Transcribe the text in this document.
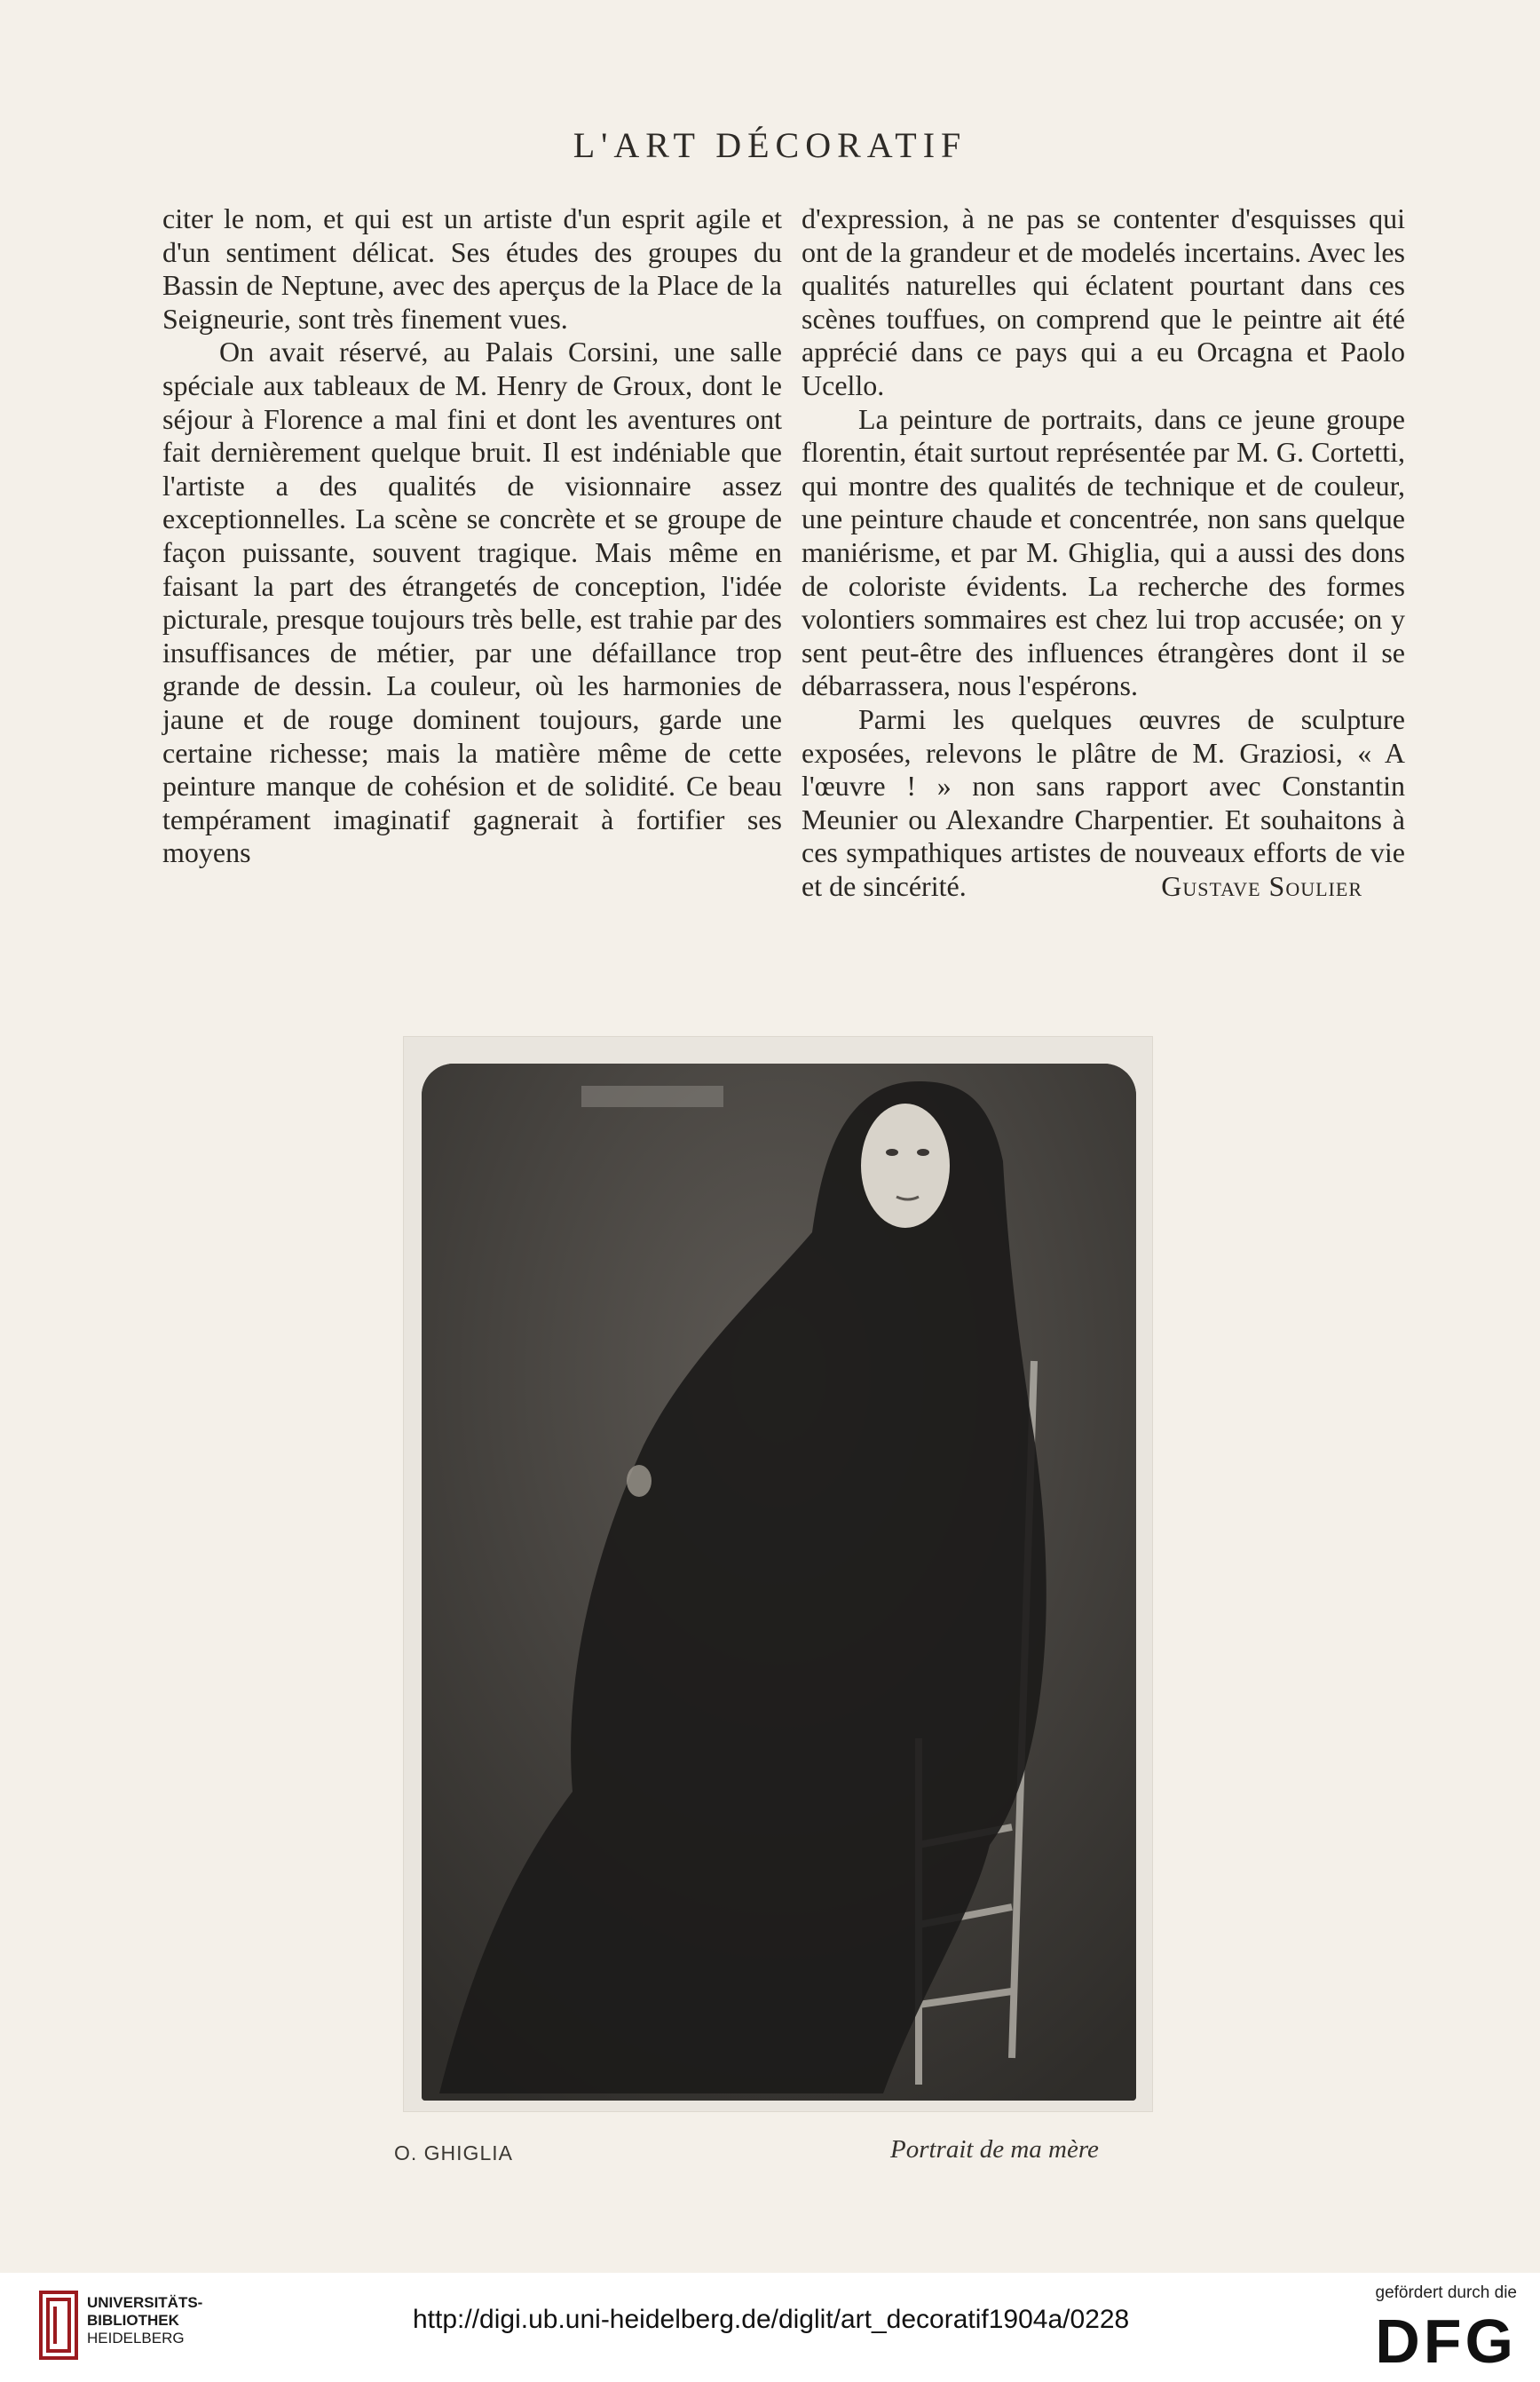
L'ART DÉCORATIF

citer le nom, et qui est un artiste d'un esprit agile et d'un sentiment délicat. Ses études des groupes du Bassin de Neptune, avec des aperçus de la Place de la Seigneurie, sont très finement vues.

On avait réservé, au Palais Corsini, une salle spéciale aux tableaux de M. Henry de Groux, dont le séjour à Florence a mal fini et dont les aventures ont fait dernièrement quelque bruit. Il est indéniable que l'artiste a des qualités de visionnaire assez exceptionnelles. La scène se concrète et se groupe de façon puissante, souvent tragique. Mais même en faisant la part des étrangetés de conception, l'idée picturale, presque toujours très belle, est trahie par des insuffisances de métier, par une défaillance trop grande de dessin. La couleur, où les harmonies de jaune et de rouge dominent toujours, garde une certaine richesse; mais la matière même de cette peinture manque de cohésion et de solidité. Ce beau tempérament imaginatif gagnerait à fortifier ses moyens

d'expression, à ne pas se contenter d'esquisses qui ont de la grandeur et de modelés incertains. Avec les qualités naturelles qui éclatent pourtant dans ces scènes touffues, on comprend que le peintre ait été apprécié dans ce pays qui a eu Orcagna et Paolo Ucello.

La peinture de portraits, dans ce jeune groupe florentin, était surtout représentée par M. G. Cortetti, qui montre des qualités de technique et de couleur, une peinture chaude et concentrée, non sans quelque maniérisme, et par M. Ghiglia, qui a aussi des dons de coloriste évidents. La recherche des formes volontiers sommaires est chez lui trop accusée; on y sent peut-être des influences étrangères dont il se débarrassera, nous l'espérons.

Parmi les quelques œuvres de sculpture exposées, relevons le plâtre de M. Graziosi, « A l'œuvre ! » non sans rapport avec Constantin Meunier ou Alexandre Charpentier. Et souhaitons à ces sympathiques artistes de nouveaux efforts de vie et de sincérité.	Gustave Soulier

O. GHIGLIA	Portrait de ma mère
UNIVERSITÄTS-
BIBLIOTHEK
HEIDELBERG
http://digi.ub.uni-heidelberg.de/diglit/art_decoratif1904a/0228
gefördert durch die
DFG
